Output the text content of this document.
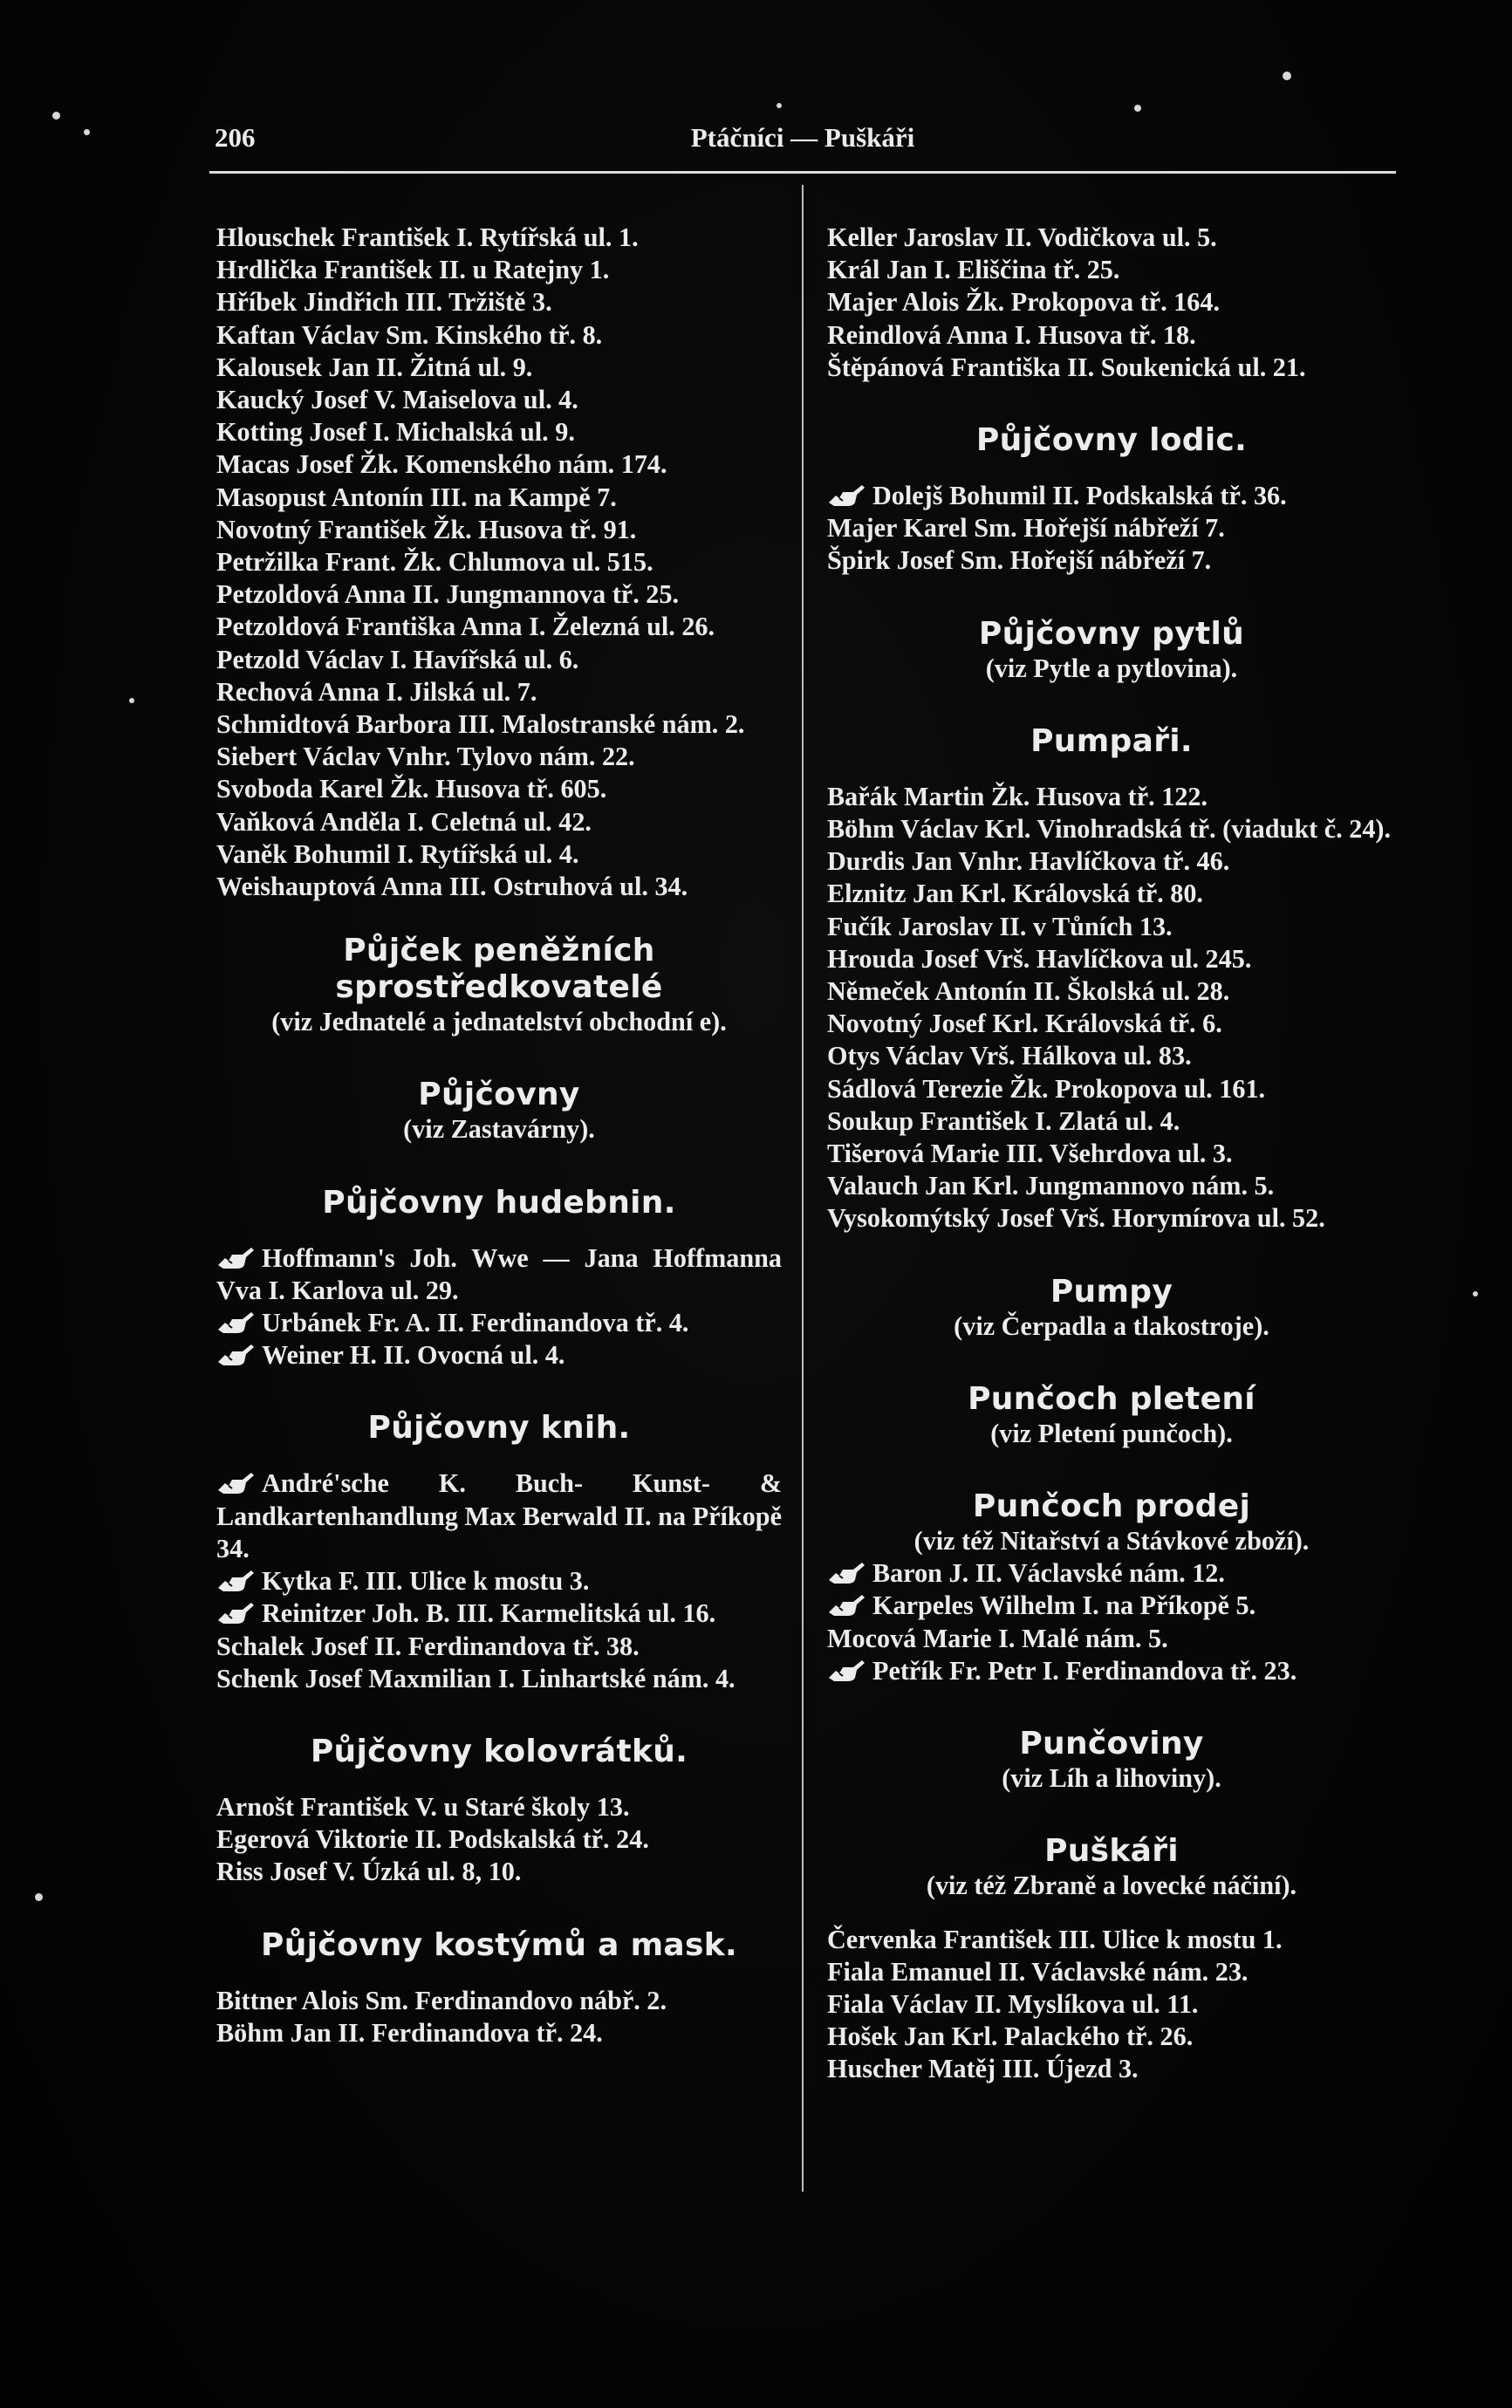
206	Ptáčníci — Puškáři
Hlouschek František I. Rytířská ul. 1.
Hrdlička František II. u Ratejny 1.
Hříbek Jindřich III. Tržiště 3.
Kaftan Václav Sm. Kinského tř. 8.
Kalousek Jan II. Žitná ul. 9.
Kaucký Josef V. Maiselova ul. 4.
Kotting Josef I. Michalská ul. 9.
Macas Josef Žk. Komenského nám. 174.
Masopust Antonín III. na Kampě 7.
Novotný František Žk. Husova tř. 91.
Petržilka Frant. Žk. Chlumova ul. 515.
Petzoldová Anna II. Jungmannova tř. 25.
Petzoldová Františka Anna I. Železná ul. 26.
Petzold Václav I. Havířská ul. 6.
Rechová Anna I. Jilská ul. 7.
Schmidtová Barbora III. Malostranské nám. 2.
Siebert Václav Vnhr. Tylovo nám. 22.
Svoboda Karel Žk. Husova tř. 605.
Vaňková Anděla I. Celetná ul. 42.
Vaněk Bohumil I. Rytířská ul. 4.
Weishauptová Anna III. Ostruhová ul. 34.
Půjček peněžních sprostředkovatelé
(viz Jednatelé a jednatelství obchodní e).
Půjčovny
(viz Zastavárny).
Půjčovny hudebnin.
Hoffmann's Joh. Wwe — Jana Hoffmanna Vva I. Karlova ul. 29.
Urbánek Fr. A. II. Ferdinandova tř. 4.
Weiner H. II. Ovocná ul. 4.
Půjčovny knih.
André'sche K. Buch- Kunst- & Landkartenhandlung Max Berwald II. na Příkopě 34.
Kytka F. III. Ulice k mostu 3.
Reinitzer Joh. B. III. Karmelitská ul. 16.
Schalek Josef II. Ferdinandova tř. 38.
Schenk Josef Maxmilian I. Linhartské nám. 4.
Půjčovny kolovrátků.
Arnošt František V. u Staré školy 13.
Egerová Viktorie II. Podskalská tř. 24.
Riss Josef V. Úzká ul. 8, 10.
Půjčovny kostýmů a mask.
Bittner Alois Sm. Ferdinandovo nábř. 2.
Böhm Jan II. Ferdinandova tř. 24.
Keller Jaroslav II. Vodičkova ul. 5.
Král Jan I. Eliščina tř. 25.
Majer Alois Žk. Prokopova tř. 164.
Reindlová Anna I. Husova tř. 18.
Štěpánová Františka II. Soukenická ul. 21.
Půjčovny lodic.
Dolejš Bohumil II. Podskalská tř. 36.
Majer Karel Sm. Hořejší nábřeží 7.
Špirk Josef Sm. Hořejší nábřeží 7.
Půjčovny pytlů
(viz Pytle a pytlovina).
Pumpaři.
Bařák Martin Žk. Husova tř. 122.
Böhm Václav Krl. Vinohradská tř. (viadukt č. 24).
Durdis Jan Vnhr. Havlíčkova tř. 46.
Elznitz Jan Krl. Královská tř. 80.
Fučík Jaroslav II. v Tůních 13.
Hrouda Josef Vrš. Havlíčkova ul. 245.
Němeček Antonín II. Školská ul. 28.
Novotný Josef Krl. Královská tř. 6.
Otys Václav Vrš. Hálkova ul. 83.
Sádlová Terezie Žk. Prokopova ul. 161.
Soukup František I. Zlatá ul. 4.
Tišerová Marie III. Všehrdova ul. 3.
Valauch Jan Krl. Jungmannovo nám. 5.
Vysokomýtský Josef Vrš. Horymírova ul. 52.
Pumpy
(viz Čerpadla a tlakostroje).
Punčoch pletení
(viz Pletení punčoch).
Punčoch prodej
(viz též Nitařství a Stávkové zboží).
Baron J. II. Václavské nám. 12.
Karpeles Wilhelm I. na Příkopě 5.
Mocová Marie I. Malé nám. 5.
Petřík Fr. Petr I. Ferdinandova tř. 23.
Punčoviny
(viz Líh a lihoviny).
Puškáři
(viz též Zbraně a lovecké náčiní).
Červenka František III. Ulice k mostu 1.
Fiala Emanuel II. Václavské nám. 23.
Fiala Václav II. Myslíkova ul. 11.
Hošek Jan Krl. Palackého tř. 26.
Huscher Matěj III. Újezd 3.
